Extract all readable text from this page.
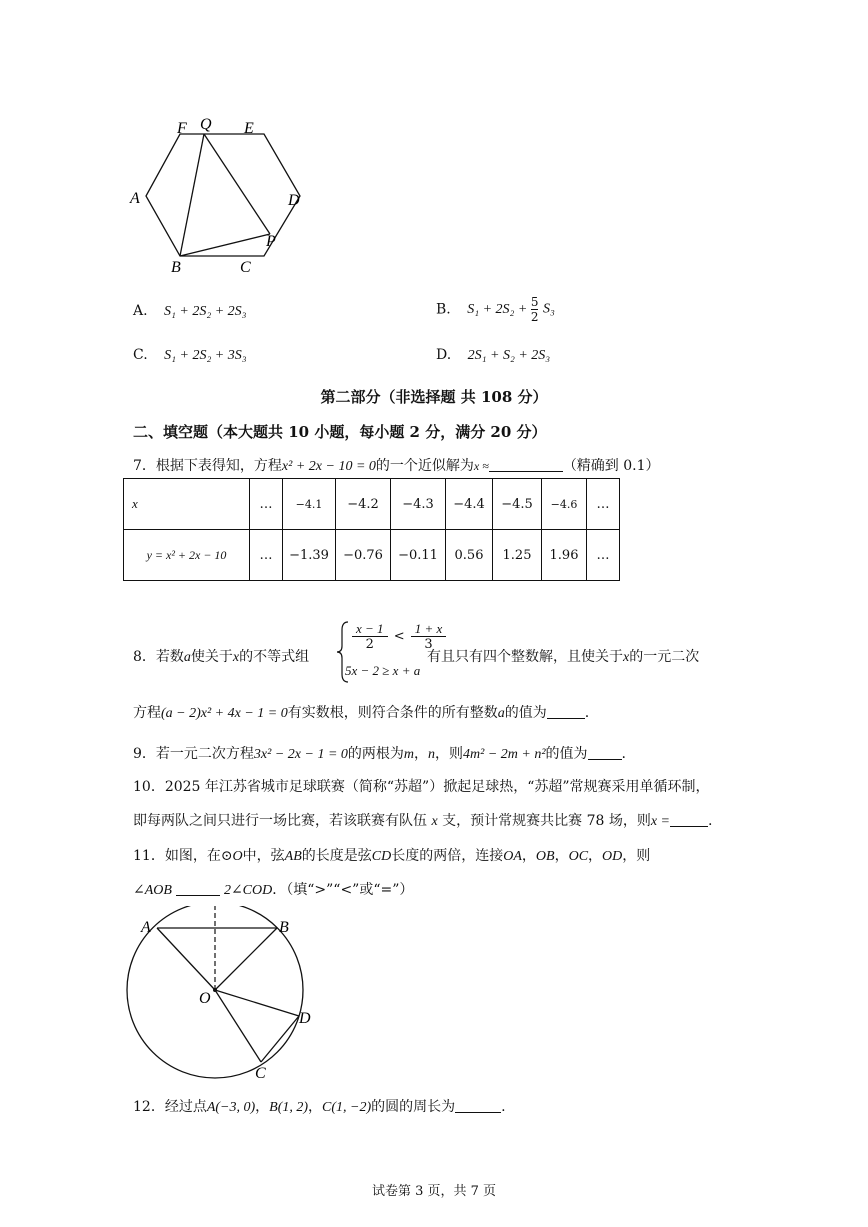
F Q E
A	D
P
B	C
A. S₁ + 2S₂ + 2S₃	B. $S_1 + 2S_2 + \frac{5}{2} S_3$
C. S₁ + 2S₂ + 3S₃	D. 2S₁ + S₂ + 2S₃
第二部分（非选择题 共 108 分）
二、填空题（本大题共 10 小题，每小题 2 分，满分 20 分）
7．根据下表得知，方程x² + 2x − 10 = 0的一个近似解为x ≈	（精确到 0.1）
x	…	−4.1	−4.2	−4.3	−4.4	−4.5	−4.6	…
y = x² + 2x − 10	…	−1.39	−0.76	−0.11	0.56	1.25	1.96	…
8．若数a使关于x的不等式组
$\frac{x - 1}{2} < \frac{1 + x}{3}$
5x − 2 ≥ x + a
有且只有四个整数解，且使关于x的一元二次
方程(a − 2)x² + 4x − 1 = 0有实数根，则符合条件的所有整数a的值为	.
9．若一元二次方程3x² − 2x − 1 = 0的两根为m，n，则4m² − 2m + n²的值为 .
10．2025 年江苏省城市足球联赛（简称“苏超”）掀起足球热，“苏超”常规赛采用单循环制，
即每两队之间只进行一场比赛，若该联赛有队伍 x 支，预计常规赛共比赛 78 场，则x =	.
11．如图，在⊙O中，弦AB的长度是弦CD长度的两倍，连接OA，OB，OC，OD，则
∠AOB	2∠COD．（填“>”“<”或“=”）
A	B
O
D
C
12．经过点A(−3, 0)，B(1, 2)，C(1, −2)的圆的周长为	.
试卷第 3 页，共 7 页
